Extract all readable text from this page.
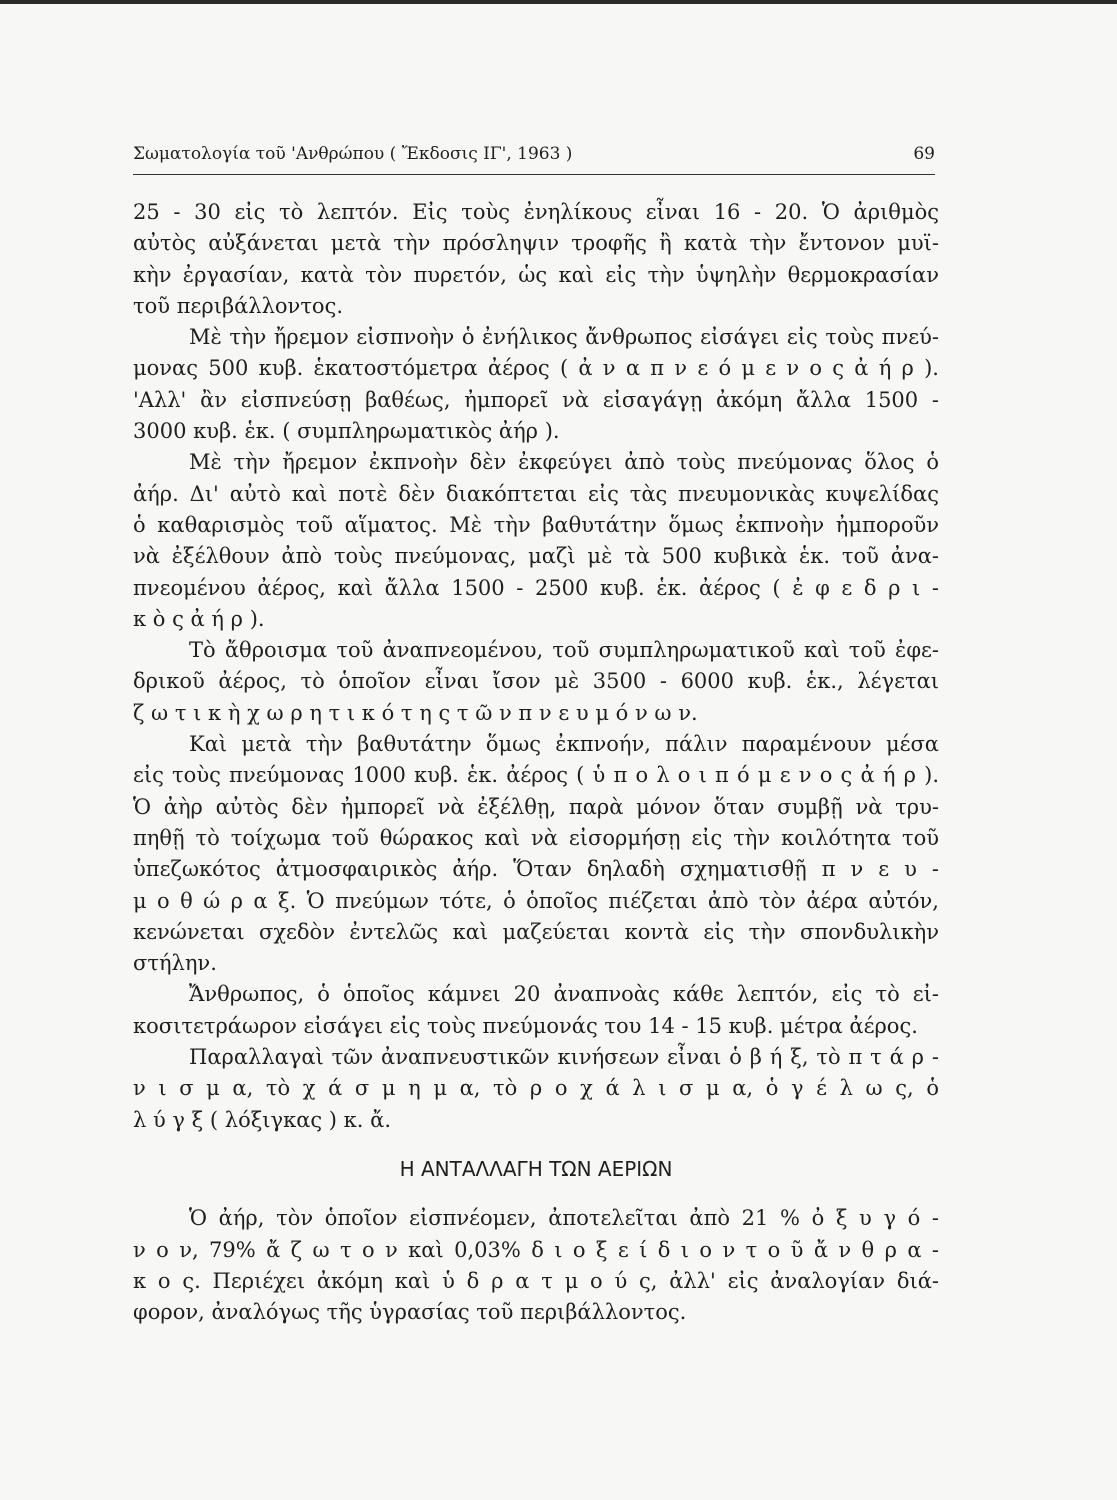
Σωματολογία τοῦ 'Ανθρώπου ( Ἔκδοσις ΙΓ', 1963 )	69
25 - 30 εἰς τὸ λεπτόν. Εἰς τοὺς ἐνηλίκους εἶναι 16 - 20. Ὁ ἀριθμὸς
αὐτὸς αὐξάνεται μετὰ τὴν πρόσληψιν τροφῆς ἢ κατὰ τὴν ἔντονον μυϊ-
κὴν ἐργασίαν, κατὰ τὸν πυρετόν, ὡς καὶ εἰς τὴν ὑψηλὴν θερμοκρασίαν
τοῦ περιβάλλοντος.
Μὲ τὴν ἤρεμον εἰσπνοὴν ὁ ἐνήλικος ἄνθρωπος εἰσάγει εἰς τοὺς πνεύ-
μονας 500 κυβ. ἑκατοστόμετρα ἀέρος ( ἀ ν α π ν ε ό μ ε ν ο ς ἀ ή ρ ).
'Αλλ' ἂν εἰσπνεύσῃ βαθέως, ἠμπορεῖ νὰ εἰσαγάγῃ ἀκόμη ἄλλα 1500 -
3000 κυβ. ἑκ. ( συμπληρωματικὸς ἀήρ ).
Μὲ τὴν ἤρεμον ἐκπνοὴν δὲν ἐκφεύγει ἀπὸ τοὺς πνεύμονας ὅλος ὁ
ἀήρ. Δι' αὐτὸ καὶ ποτὲ δὲν διακόπτεται εἰς τὰς πνευμονικὰς κυψελίδας
ὁ καθαρισμὸς τοῦ αἵματος. Μὲ τὴν βαθυτάτην ὅμως ἐκπνοὴν ἠμποροῦν
νὰ ἐξέλθουν ἀπὸ τοὺς πνεύμονας, μαζὶ μὲ τὰ 500 κυβικὰ ἑκ. τοῦ ἀνα-
πνεομένου ἀέρος, καὶ ἄλλα 1500 - 2500 κυβ. ἑκ. ἀέρος ( ἐ φ ε δ ρ ι -
κ ὸ ς ἀ ή ρ ).
Τὸ ἄθροισμα τοῦ ἀναπνεομένου, τοῦ συμπληρωματικοῦ καὶ τοῦ ἐφε-
δρικοῦ ἀέρος, τὸ ὁποῖον εἶναι ἴσον μὲ 3500 - 6000 κυβ. ἑκ., λέγεται
ζ ω τ ι κ ὴ χ ω ρ η τ ι κ ό τ η ς τ ῶ ν π ν ε υ μ ό ν ω ν.
Καὶ μετὰ τὴν βαθυτάτην ὅμως ἐκπνοήν, πάλιν παραμένουν μέσα
εἰς τοὺς πνεύμονας 1000 κυβ. ἑκ. ἀέρος ( ὑ π ο λ ο ι π ό μ ε ν ο ς ἀ ή ρ ).
Ὁ ἀὴρ αὐτὸς δὲν ἠμπορεῖ νὰ ἐξέλθῃ, παρὰ μόνον ὅταν συμβῇ νὰ τρυ-
πηθῇ τὸ τοίχωμα τοῦ θώρακος καὶ νὰ εἰσορμήσῃ εἰς τὴν κοιλότητα τοῦ
ὑπεζωκότος ἀτμοσφαιρικὸς ἀήρ. Ὅταν δηλαδὴ σχηματισθῇ π ν ε υ -
μ ο θ ώ ρ α ξ. Ὁ πνεύμων τότε, ὁ ὁποῖος πιέζεται ἀπὸ τὸν ἀέρα αὐτόν,
κενώνεται σχεδὸν ἐντελῶς καὶ μαζεύεται κοντὰ εἰς τὴν σπονδυλικὴν
στήλην.
Ἄνθρωπος, ὁ ὁποῖος κάμνει 20 ἀναπνοὰς κάθε λεπτόν, εἰς τὸ εἰ-
κοσιτετράωρον εἰσάγει εἰς τοὺς πνεύμονάς του 14 - 15 κυβ. μέτρα ἀέρος.
Παραλλαγαὶ τῶν ἀναπνευστικῶν κινήσεων εἶναι ὁ β ή ξ, τὸ π τ ά ρ -
ν ι σ μ α, τὸ χ ά σ μ η μ α, τὸ ρ ο χ ά λ ι σ μ α, ὁ γ έ λ ω ς, ὁ
λ ύ γ ξ ( λόξιγκας ) κ. ἄ.
Η ΑΝΤΑΛΛΑΓΗ ΤΩΝ ΑΕΡΙΩΝ
Ὁ ἀήρ, τὸν ὁποῖον εἰσπνέομεν, ἀποτελεῖται ἀπὸ 21 % ὀ ξ υ γ ό -
ν ο ν, 79% ἄ ζ ω τ ο ν καὶ 0,03% δ ι ο ξ ε ί δ ι ο ν τ ο ῦ ἄ ν θ ρ α -
κ ο ς. Περιέχει ἀκόμη καὶ ὑ δ ρ α τ μ ο ύ ς, ἀλλ' εἰς ἀναλογίαν διά-
φορον, ἀναλόγως τῆς ὑγρασίας τοῦ περιβάλλοντος.
